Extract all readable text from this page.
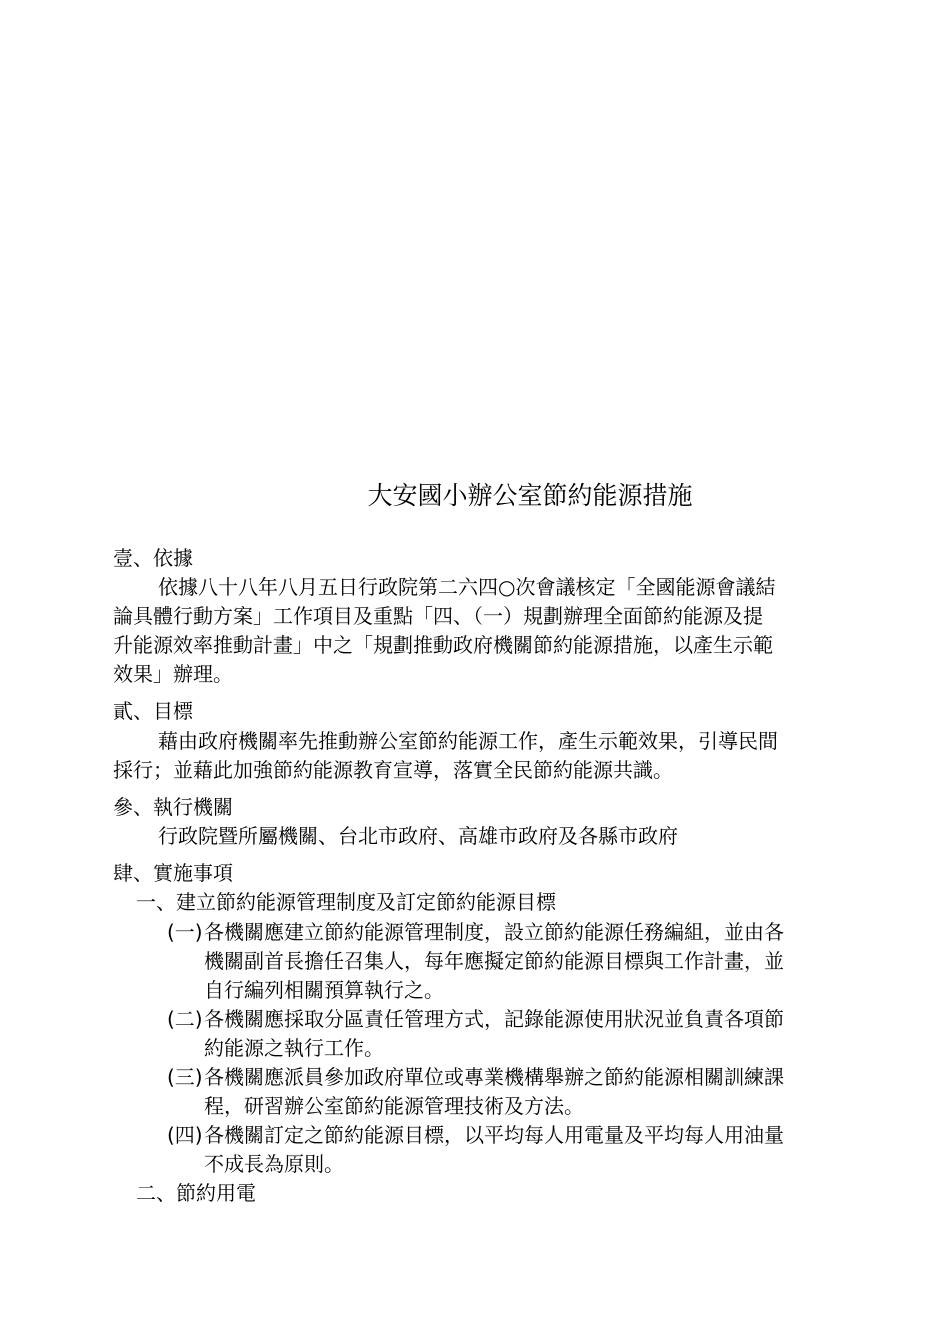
大安國小辦公室節約能源措施
壹、依據
依據八十八年八月五日行政院第二六四○次會議核定「全國能源會議結
論具體行動方案」工作項目及重點「四、（一）規劃辦理全面節約能源及提
升能源效率推動計畫」中之「規劃推動政府機關節約能源措施，以產生示範
效果」辦理。
貳、目標
藉由政府機關率先推動辦公室節約能源工作，產生示範效果，引導民間
採行；並藉此加強節約能源教育宣導，落實全民節約能源共識。
參、執行機關
行政院暨所屬機關、台北市政府、高雄市政府及各縣市政府
肆、實施事項
一、建立節約能源管理制度及訂定節約能源目標
(一) 各機關應建立節約能源管理制度，設立節約能源任務編組，並由各
機關副首長擔任召集人，每年應擬定節約能源目標與工作計畫，並
自行編列相關預算執行之。
(二) 各機關應採取分區責任管理方式，記錄能源使用狀況並負責各項節
約能源之執行工作。
(三) 各機關應派員參加政府單位或專業機構舉辦之節約能源相關訓練課
程，研習辦公室節約能源管理技術及方法。
(四) 各機關訂定之節約能源目標，以平均每人用電量及平均每人用油量
不成長為原則。
二、節約用電
